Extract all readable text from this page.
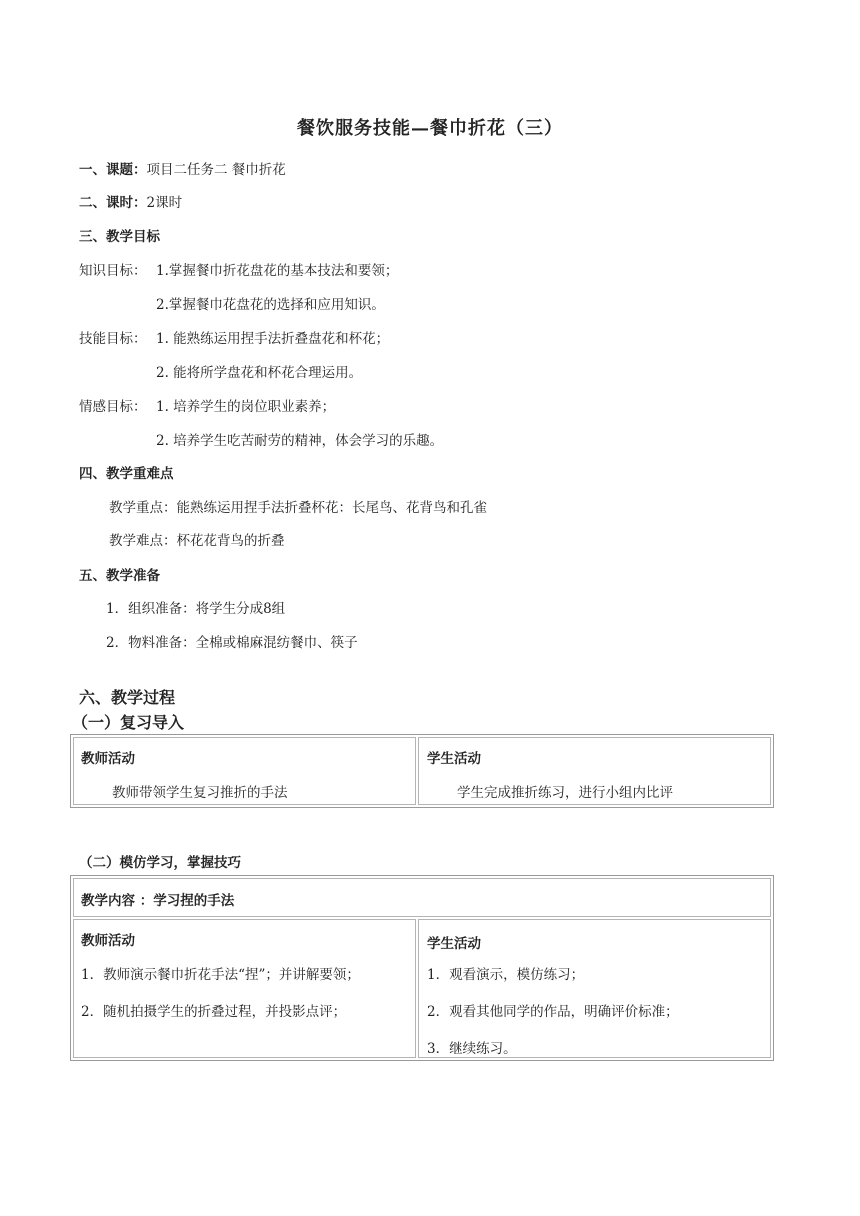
餐饮服务技能—餐巾折花（三）
一、课题：项目二任务二 餐巾折花
二、课时：2课时
三、教学目标
知识目标： 1.掌握餐巾折花盘花的基本技法和要领；
2.掌握餐巾花盘花的选择和应用知识。
技能目标： 1. 能熟练运用捏手法折叠盘花和杯花；
2. 能将所学盘花和杯花合理运用。
情感目标： 1. 培养学生的岗位职业素养；
2. 培养学生吃苦耐劳的精神，体会学习的乐趣。
四、教学重难点
教学重点：能熟练运用捏手法折叠杯花：长尾鸟、花背鸟和孔雀
教学难点：杯花花背鸟的折叠
五、教学准备
1．组织准备：将学生分成8组
2．物料准备：全棉或棉麻混纺餐巾、筷子
六、教学过程
（一）复习导入
教师活动
教师带领学生复习推折的手法

学生活动
学生完成推折练习，进行小组内比评
（二）模仿学习，掌握技巧
教学内容 ：学习捏的手法

教师活动
1．教师演示餐巾折花手法“捏”；并讲解要领；
2．随机拍摄学生的折叠过程，并投影点评；

学生活动
1．观看演示，模仿练习；
2．观看其他同学的作品，明确评价标准；
3．继续练习。
